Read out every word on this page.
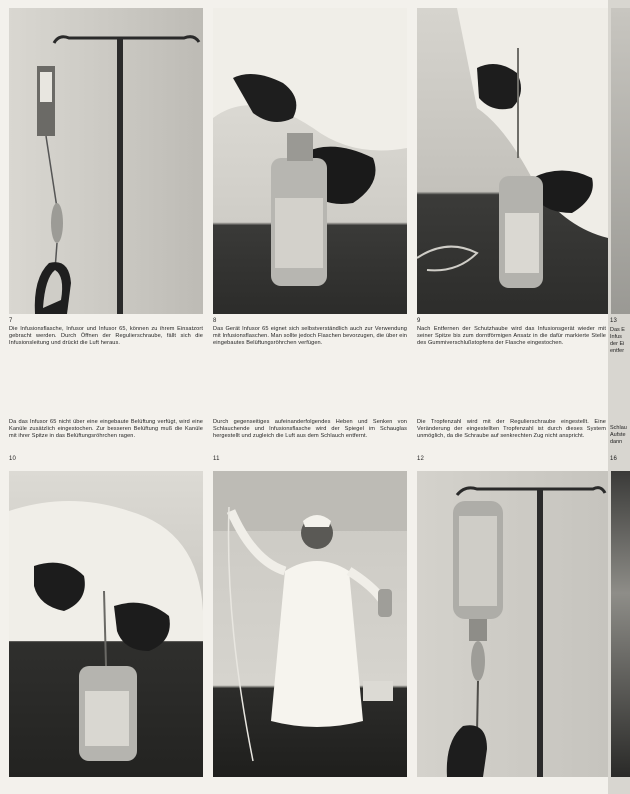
7
Die Infusionsflasche, Infusor und Infusor 65, können zu ihrem Einsatzort gebracht werden. Durch Öffnen der Regulierschraube, fällt sich die Infusionsleitung und drückt die Luft heraus.
8
Das Gerät Infusor 65 eignet sich selbstverständlich auch zur Verwendung mit Infusionsflaschen. Man sollte jedoch Flaschen bevorzugen, die über ein eingebautes Belüftungsröhrchen verfügen.
9
Nach Entfernen der Schutzhaube wird das Infusionsgerät wieder mit seiner Spitze bis zum dorntförmigen Ansatz in die dafür markierte Stelle des Gummiverschlußstopfens der Flasche eingestochen.
Da das Infusor 65 nicht über eine eingebaute Belüftung verfügt, wird eine Kanüle zusätzlich eingestochen. Zur besseren Belüftung muß die Kanüle mit ihrer Spitze in das Belüftungsröhrchen ragen.
10
Durch gegenseitiges aufeinanderfolgendes Heben und Senken von Schlauchende und Infusionsflasche wird der Spiegel im Schauglas hergestellt und zugleich die Luft aus dem Schlauch entfernt.
11
Die Tropfenzahl wird mit der Regulierschraube eingestellt. Eine Veränderung der eingestellten Tropfenzahl ist durch dieses System unmöglich, da die Schraube auf senkrechten Zug nicht anspricht.
12
13
Das E
Infus
der Ei
entfer
Schlau
Aufste
dann
16
